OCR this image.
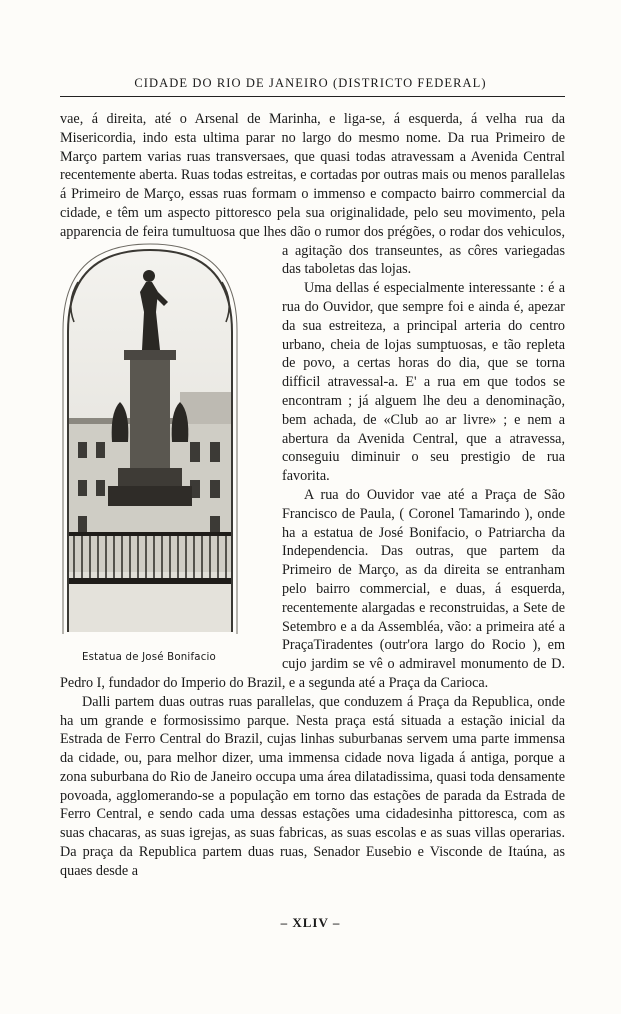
CIDADE DO RIO DE JANEIRO (DISTRICTO FEDERAL)
Estatua de José Bonifacio

vae, á direita, até o Arsenal de Marinha, e liga-se, á esquerda, á velha rua da Misericordia, indo esta ultima parar no largo do mesmo nome. Da rua Primeiro de Março partem varias ruas transversaes, que quasi todas atravessam a Avenida Central recentemente aberta. Ruas todas estreitas, e cortadas por outras mais ou menos parallelas á Primeiro de Março, essas ruas formam o immenso e compacto bairro commercial da cidade, e têm um aspecto pittoresco pela sua originalidade, pelo seu movimento, pela apparencia de feira tumultuosa que lhes dão o rumor dos prégões, o rodar dos vehiculos, a agitação dos transeuntes, as côres variegadas das taboletas das lojas.

Uma dellas é especialmente interessante : é a rua do Ouvidor, que sempre foi e ainda é, apezar da sua estreiteza, a principal arteria do centro urbano, cheia de lojas sumptuosas, e tão repleta de povo, a certas horas do dia, que se torna difficil atravessal-a. E' a rua em que todos se encontram ; já alguem lhe deu a denominação, bem achada, de «Club ao ar livre» ; e nem a abertura da Avenida Central, que a atravessa, conseguiu diminuir o seu prestigio de rua favorita.

A rua do Ouvidor vae até a Praça de São Francisco de Paula, ( Coronel Tamarindo ), onde ha a estatua de José Bonifacio, o Patriarcha da Independencia. Das outras, que partem da Primeiro de Março, as da direita se entranham pelo bairro commercial, e duas, á esquerda, recentemente alargadas e reconstruidas, a Sete de Setembro e a da Assembléa, vão: a primeira até a PraçaTiradentes (outr'ora largo do Rocio ), em cujo jardim se vê o admiravel monumento de D. Pedro I, fundador do Imperio do Brazil, e a segunda até a Praça da Carioca.

Dalli partem duas outras ruas parallelas, que conduzem á Praça da Republica, onde ha um grande e formosissimo parque. Nesta praça está situada a estação inicial da Estrada de Ferro Central do Brazil, cujas linhas suburbanas servem uma parte immensa da cidade, ou, para melhor dizer, uma immensa cidade nova ligada á antiga, porque a zona suburbana do Rio de Janeiro occupa uma área dilatadissima, quasi toda densamente povoada, agglomerando-se a população em torno das estações de parada da Estrada de Ferro Central, e sendo cada uma dessas estações uma cidadesinha pittoresca, com as suas chacaras, as suas igrejas, as suas fabricas, as suas escolas e as suas villas operarias. Da praça da Republica partem duas ruas, Senador Eusebio e Visconde de Itaúna, as quaes desde a

– XLIV –
